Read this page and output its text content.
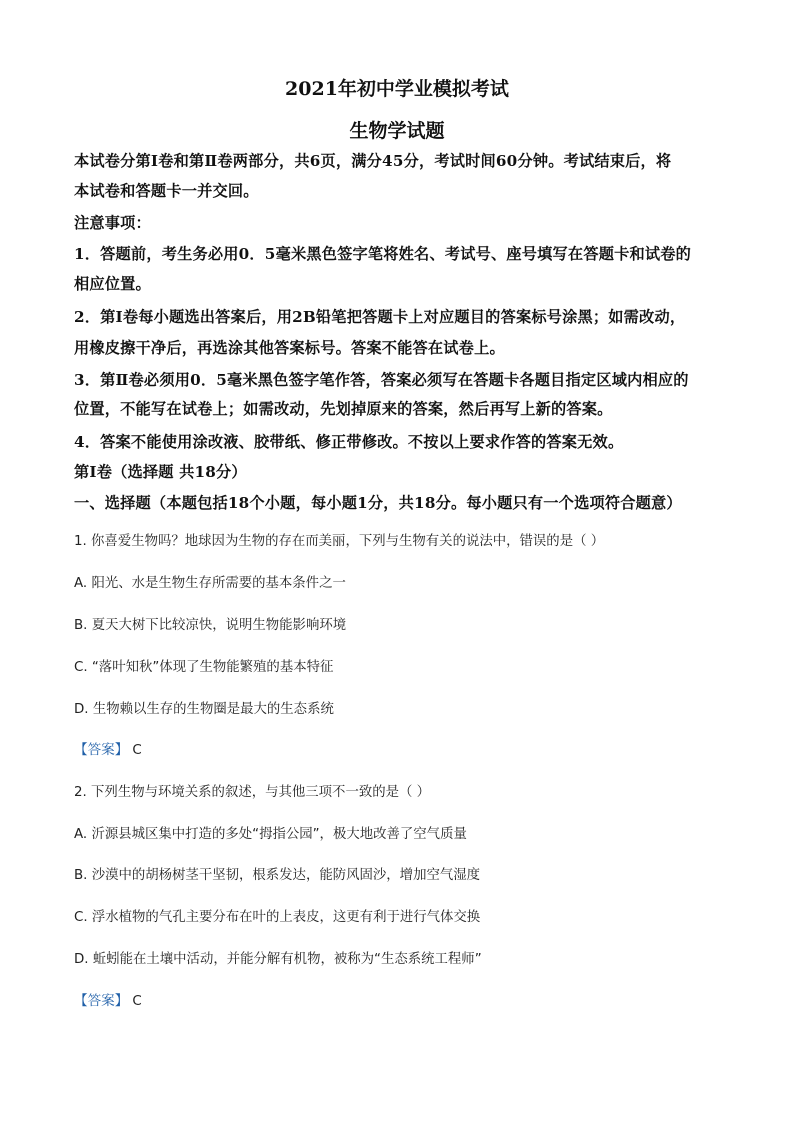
2021年初中学业模拟考试
生物学试题
本试卷分第Ⅰ卷和第Ⅱ卷两部分，共6页，满分45分，考试时间60分钟。考试结束后，将
本试卷和答题卡一并交回。
注意事项：
1．答题前，考生务必用0．5毫米黑色签字笔将姓名、考试号、座号填写在答题卡和试卷的
相应位置。
2．第Ⅰ卷每小题选出答案后，用2B铅笔把答题卡上对应题目的答案标号涂黑；如需改动，
用橡皮擦干净后，再选涂其他答案标号。答案不能答在试卷上。
3．第Ⅱ卷必须用0．5毫米黑色签字笔作答，答案必须写在答题卡各题目指定区域内相应的
位置，不能写在试卷上；如需改动，先划掉原来的答案，然后再写上新的答案。
4．答案不能使用涂改液、胶带纸、修正带修改。不按以上要求作答的答案无效。
第Ⅰ卷（选择题 共18分）
一、选择题（本题包括18个小题，每小题1分，共18分。每小题只有一个选项符合题意）
1. 你喜爱生物吗？地球因为生物的存在而美丽，下列与生物有关的说法中，错误的是（ ）
A. 阳光、水是生物生存所需要的基本条件之一
B. 夏天大树下比较凉快，说明生物能影响环境
C. “落叶知秋”体现了生物能繁殖的基本特征
D. 生物赖以生存的生物圈是最大的生态系统
【答案】 C
2. 下列生物与环境关系的叙述，与其他三项不一致的是（ ）
A. 沂源县城区集中打造的多处“拇指公园”，极大地改善了空气质量
B. 沙漠中的胡杨树茎干坚韧，根系发达，能防风固沙，增加空气湿度
C. 浮水植物的气孔主要分布在叶的上表皮，这更有利于进行气体交换
D. 蚯蚓能在土壤中活动，并能分解有机物，被称为“生态系统工程师”
【答案】 C
